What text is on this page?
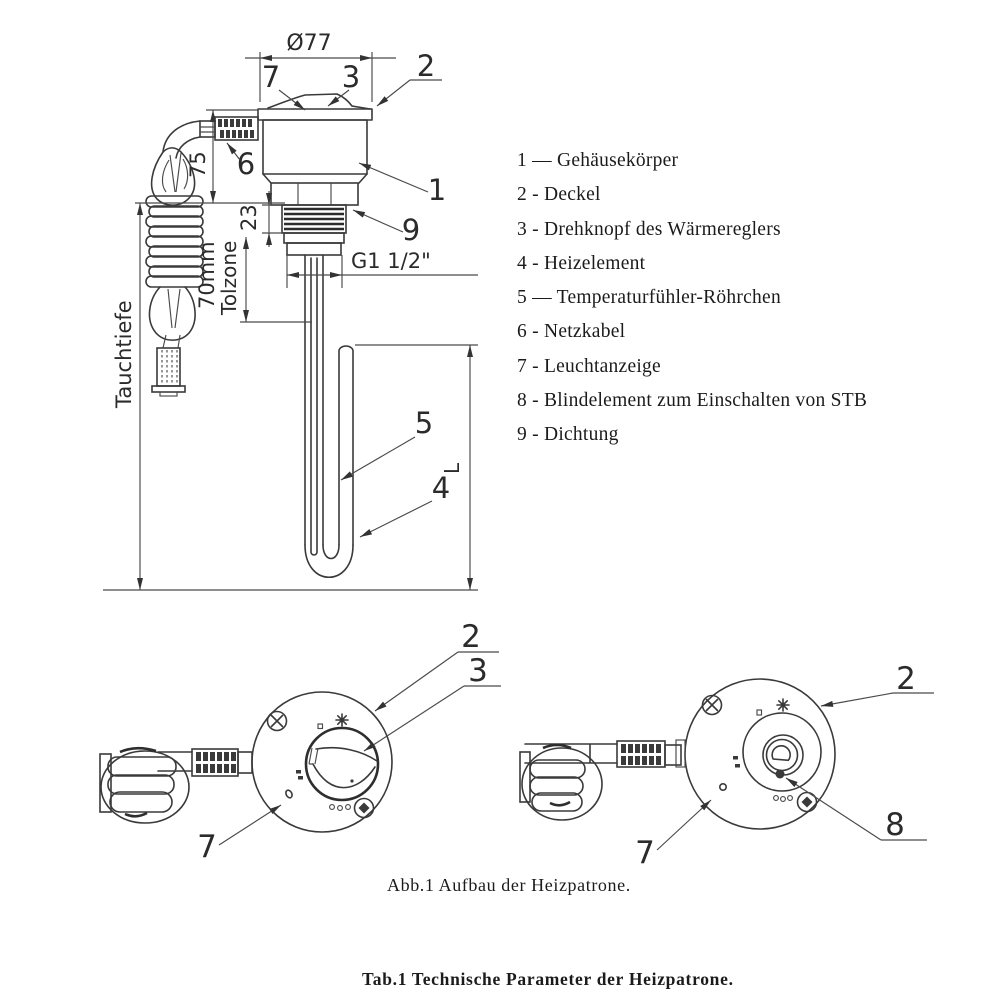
Ø77
75
23
70mm
Tolzone
Tauchtiefe
G1 1/2"
L
7 3 2
6
1
9
5
4
2
3
7
2
7
8

1 — Gehäusekörper

2 - Deckel

3 - Drehknopf des Wärmereglers

4 - Heizelement

5 — Temperaturfühler-Röhrchen

6 - Netzkabel

7 - Leuchtanzeige

8 - Blindelement zum Einschalten von STB

9 - Dichtung

Abb.1 Aufbau der Heizpatrone.
Tab.1 Technische Parameter der Heizpatrone.
